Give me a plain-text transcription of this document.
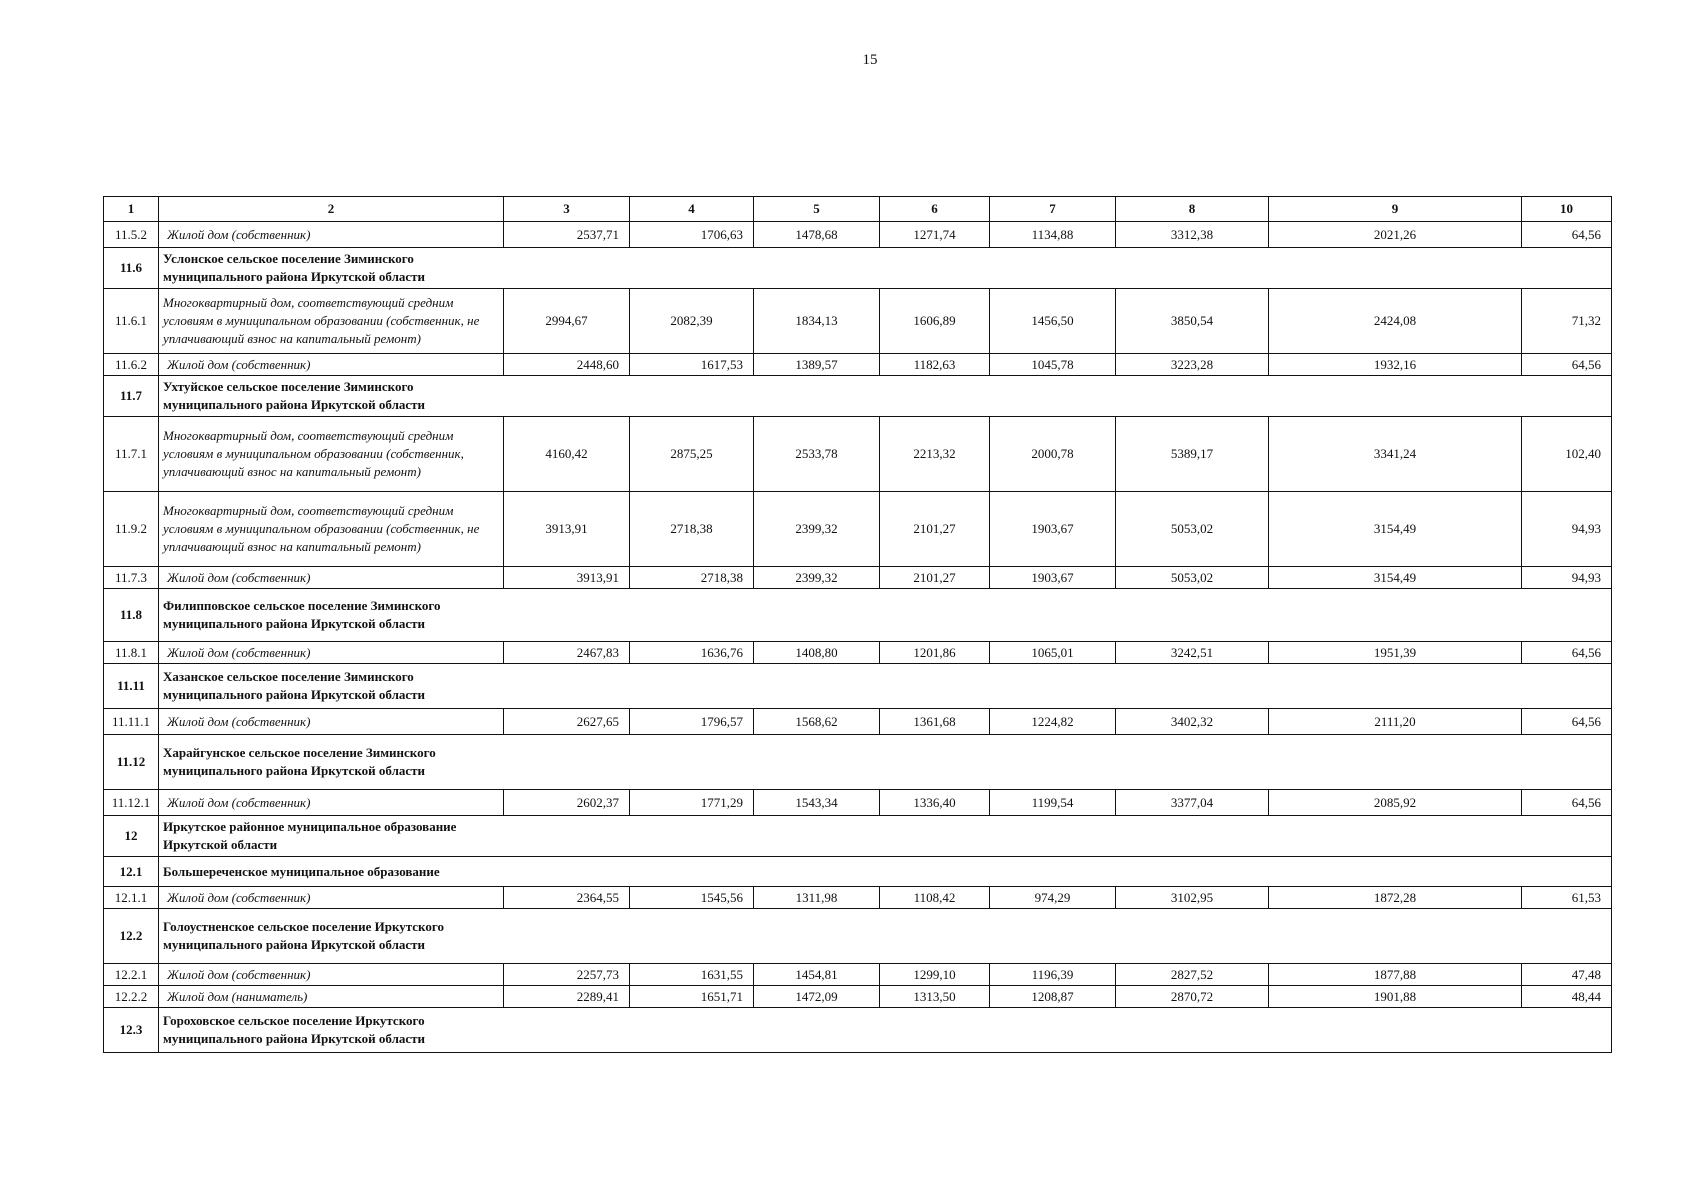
15
1	2	3	4	5	6	7	8	9	10
11.5.2	Жилой дом (собственник)	2537,71	1706,63	1478,68	1271,74	1134,88	3312,38	2021,26	64,56
11.6	Услонское сельское поселение Зиминского муниципального района Иркутской области								

11.6.1	Многоквартирный дом, соответствующий средним условиям в муниципальном образовании (собственник, не уплачивающий взнос на капитальный ремонт)	2994,67	2082,39	1834,13	1606,89	1456,50	3850,54	2424,08	71,32
11.6.2	Жилой дом (собственник)	2448,60	1617,53	1389,57	1182,63	1045,78	3223,28	1932,16	64,56
11.7	Ухтуйское сельское поселение Зиминского муниципального района Иркутской области								

11.7.1	Многоквартирный дом, соответствующий средним условиям в муниципальном образовании (собственник, уплачивающий взнос на капитальный ремонт)	4160,42	2875,25	2533,78	2213,32	2000,78	5389,17	3341,24	102,40
11.9.2	Многоквартирный дом, соответствующий средним условиям в муниципальном образовании (собственник, не уплачивающий взнос на капитальный ремонт)	3913,91	2718,38	2399,32	2101,27	1903,67	5053,02	3154,49	94,93
11.7.3	Жилой дом (собственник)	3913,91	2718,38	2399,32	2101,27	1903,67	5053,02	3154,49	94,93
11.8	Филипповское сельское поселение Зиминского муниципального района Иркутской области								

11.8.1	Жилой дом (собственник)	2467,83	1636,76	1408,80	1201,86	1065,01	3242,51	1951,39	64,56
11.11	Хазанское сельское поселение Зиминского муниципального района Иркутской области								

11.11.1	Жилой дом (собственник)	2627,65	1796,57	1568,62	1361,68	1224,82	3402,32	2111,20	64,56
11.12	Харайгунское сельское поселение Зиминского муниципального района Иркутской области								

11.12.1	Жилой дом (собственник)	2602,37	1771,29	1543,34	1336,40	1199,54	3377,04	2085,92	64,56
12	Иркутское районное муниципальное образование Иркутской области								

12.1	Большереченское муниципальное образование								
12.1.1	Жилой дом (собственник)	2364,55	1545,56	1311,98	1108,42	974,29	3102,95	1872,28	61,53
12.2	Голоустненское сельское поселение Иркутского муниципального района Иркутской области								

12.2.1	Жилой дом (собственник)	2257,73	1631,55	1454,81	1299,10	1196,39	2827,52	1877,88	47,48
12.2.2	Жилой дом (наниматель)	2289,41	1651,71	1472,09	1313,50	1208,87	2870,72	1901,88	48,44
12.3	Гороховское сельское поселение Иркутского муниципального района Иркутской области								
